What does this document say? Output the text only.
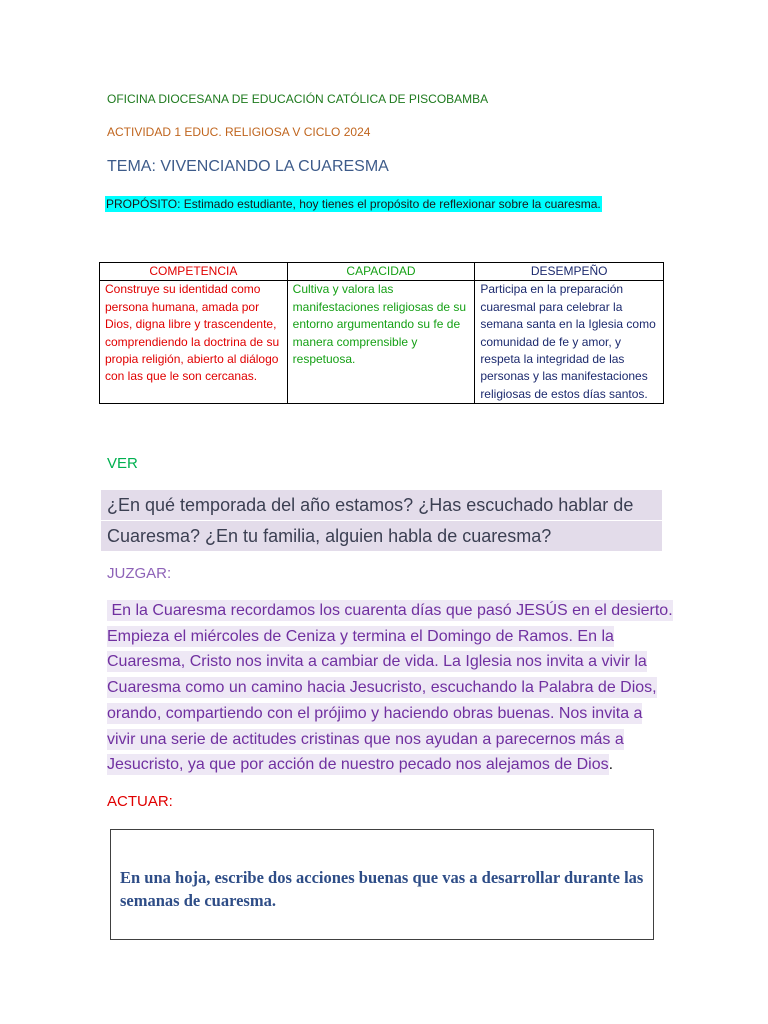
OFICINA DIOCESANA DE EDUCACIÓN CATÓLICA DE PISCOBAMBA
ACTIVIDAD 1 EDUC. RELIGIOSA V CICLO 2024
TEMA: VIVENCIANDO LA CUARESMA
PROPÓSITO: Estimado estudiante, hoy tienes el propósito de reflexionar sobre la cuaresma.
COMPETENCIA	CAPACIDAD	DESEMPEÑO
Construye su identidad como persona humana, amada por Dios, digna libre y trascendente, comprendiendo la doctrina de su propia religión, abierto al diálogo con las que le son cercanas.	Cultiva y valora las manifestaciones religiosas de su entorno argumentando su fe de manera comprensible y respetuosa.	Participa en la preparación cuaresmal para celebrar la semana santa en la Iglesia como comunidad de fe y amor, y respeta la integridad de las personas y las manifestaciones religiosas de estos días santos.
VER
¿En qué temporada del año estamos? ¿Has escuchado hablar de
Cuaresma? ¿En tu familia, alguien habla de cuaresma?
JUZGAR:
En la Cuaresma recordamos los cuarenta días que pasó JESÚS en el desierto.
Empieza el miércoles de Ceniza y termina el Domingo de Ramos. En la
Cuaresma, Cristo nos invita a cambiar de vida. La Iglesia nos invita a vivir la
Cuaresma como un camino hacia Jesucristo, escuchando la Palabra de Dios,
orando, compartiendo con el prójimo y haciendo obras buenas. Nos invita a
vivir una serie de actitudes cristinas que nos ayudan a parecernos más a
Jesucristo, ya que por acción de nuestro pecado nos alejamos de Dios.
ACTUAR:
En una hoja, escribe dos acciones buenas que vas a desarrollar durante las semanas de cuaresma.
